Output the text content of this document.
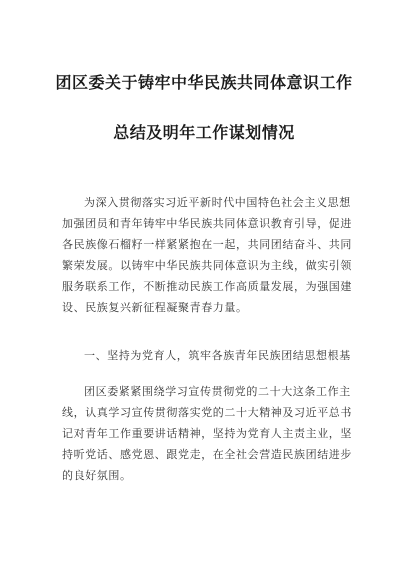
团区委关于铸牢中华民族共同体意识工作
总结及明年工作谋划情况
为深入贯彻落实习近平新时代中国特色社会主义思想
加强团员和青年铸牢中华民族共同体意识教育引导，促进
各民族像石榴籽一样紧紧抱在一起，共同团结奋斗、共同
繁荣发展。以铸牢中华民族共同体意识为主线，做实引领
服务联系工作，不断推动民族工作高质量发展，为强国建
设、民族复兴新征程凝聚青春力量。
一、坚持为党育人，筑牢各族青年民族团结思想根基
团区委紧紧围绕学习宣传贯彻党的二十大这条工作主
线，认真学习宣传贯彻落实党的二十大精神及习近平总书
记对青年工作重要讲话精神，坚持为党育人主责主业，坚
持听党话、感党恩、跟党走，在全社会营造民族团结进步
的良好氛围。
